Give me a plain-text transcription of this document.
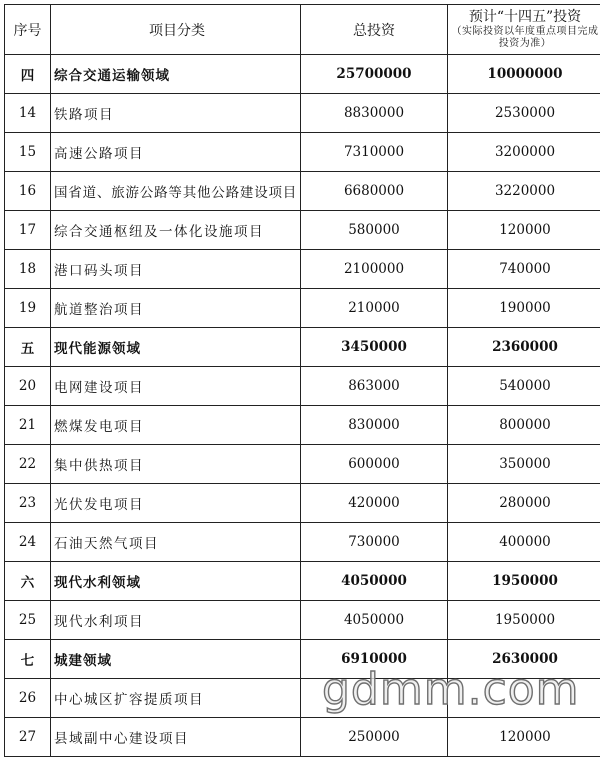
序号	项目分类	总投资	预计“十四五”投资
（实际投资以年度重点项目完成投资为准）

四	综合交通运输领域	25700000	10000000
14	铁路项目	8830000	2530000
15	高速公路项目	7310000	3200000
16	国省道、旅游公路等其他公路建设项目	6680000	3220000
17	综合交通枢纽及一体化设施项目	580000	120000
18	港口码头项目	2100000	740000
19	航道整治项目	210000	190000
五	现代能源领域	3450000	2360000
20	电网建设项目	863000	540000
21	燃煤发电项目	830000	800000
22	集中供热项目	600000	350000
23	光伏发电项目	420000	280000
24	石油天然气项目	730000	400000
六	现代水利领域	4050000	1950000
25	现代水利项目	4050000	1950000
七	城建领域	6910000	2630000
26	中心城区扩容提质项目		
27	县域副中心建设项目	250000	120000
gdmm.com
